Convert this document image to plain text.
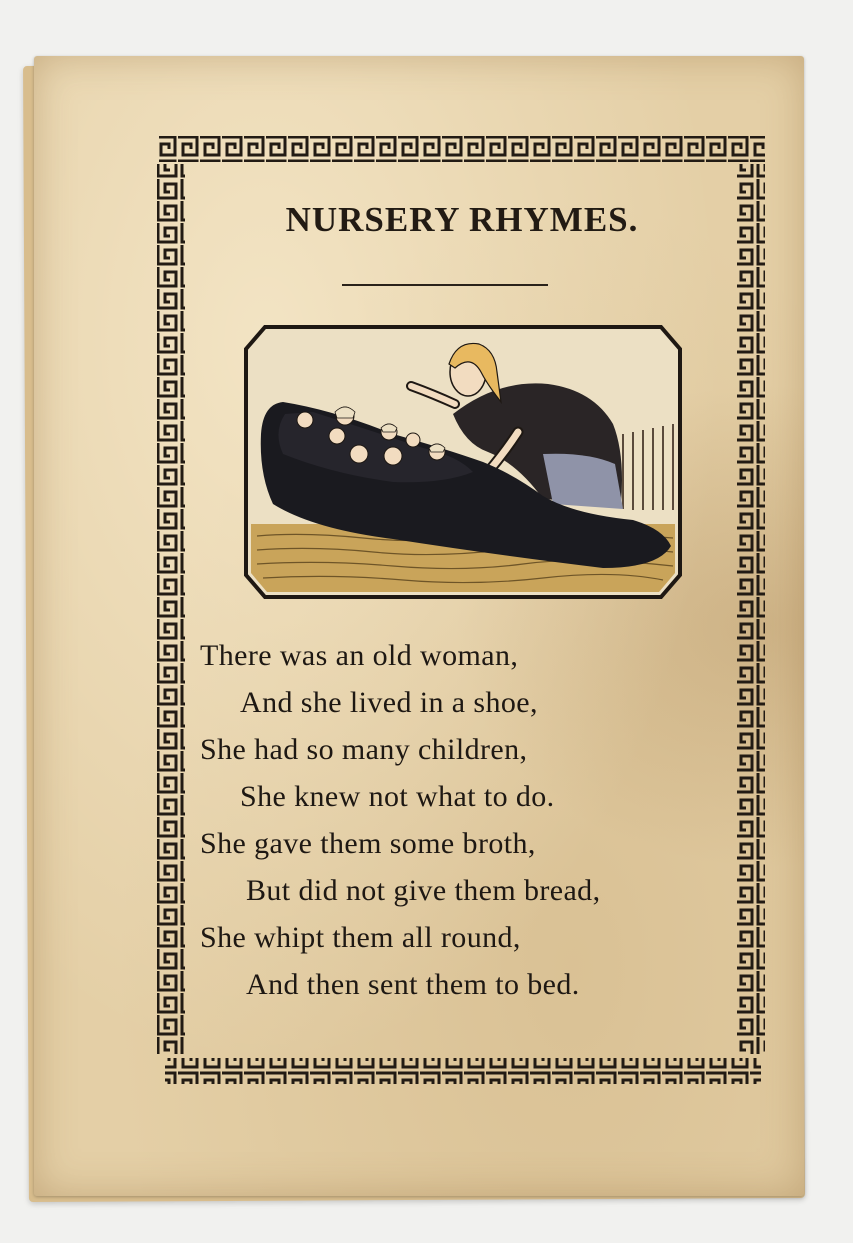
NURSERY RHYMES.
There was an old woman,
And she lived in a shoe,
She had so many children,
She knew not what to do.
She gave them some broth,
But did not give them bread,
She whipt them all round,
And then sent them to bed.
